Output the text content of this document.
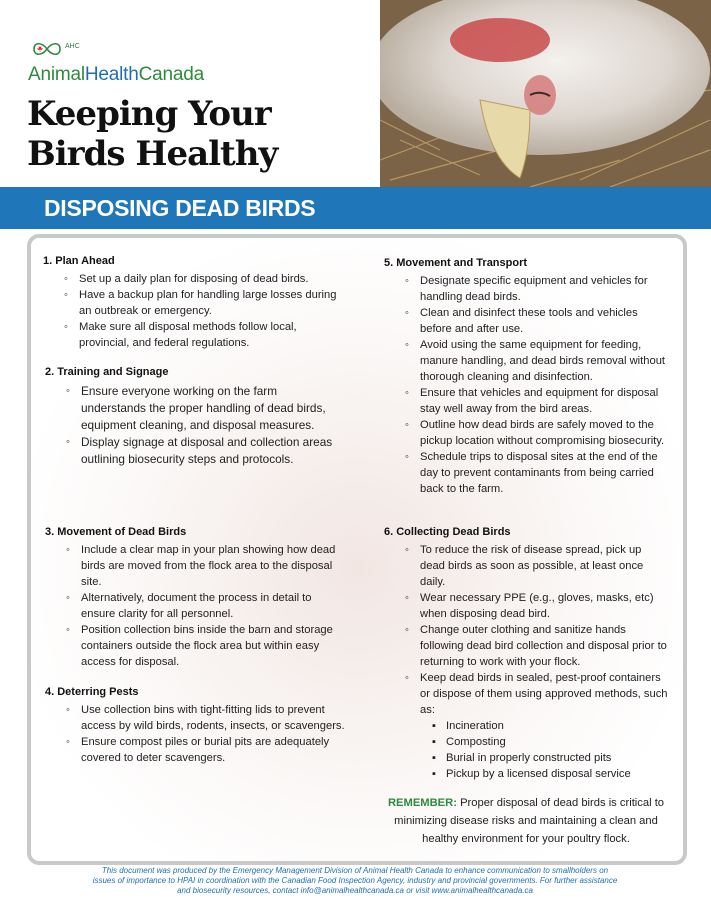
AHC
AnimalHealthCanada
Keeping Your
Birds Healthy
DISPOSING DEAD BIRDS
1. Plan Ahead
◦ Set up a daily plan for disposing of dead birds.
◦ Have a backup plan for handling large losses during an outbreak or emergency.
◦ Make sure all disposal methods follow local, provincial, and federal regulations.
2. Training and Signage
◦ Ensure everyone working on the farm understands the proper handling of dead birds, equipment cleaning, and disposal measures.
◦ Display signage at disposal and collection areas outlining biosecurity steps and protocols.
3. Movement of Dead Birds
◦ Include a clear map in your plan showing how dead birds are moved from the flock area to the disposal site.
◦ Alternatively, document the process in detail to ensure clarity for all personnel.
◦ Position collection bins inside the barn and storage containers outside the flock area but within easy access for disposal.
4. Deterring Pests
◦ Use collection bins with tight-fitting lids to prevent access by wild birds, rodents, insects, or scavengers.
◦ Ensure compost piles or burial pits are adequately covered to deter scavengers.
5. Movement and Transport
◦ Designate specific equipment and vehicles for handling dead birds.
◦ Clean and disinfect these tools and vehicles before and after use.
◦ Avoid using the same equipment for feeding, manure handling, and dead birds removal without thorough cleaning and disinfection.
◦ Ensure that vehicles and equipment for disposal stay well away from the bird areas.
◦ Outline how dead birds are safely moved to the pickup location without compromising biosecurity.
◦ Schedule trips to disposal sites at the end of the day to prevent contaminants from being carried back to the farm.
6. Collecting Dead Birds
◦ To reduce the risk of disease spread, pick up dead birds as soon as possible, at least once daily.
◦ Wear necessary PPE (e.g., gloves, masks, etc) when disposing dead bird.
◦ Change outer clothing and sanitize hands following dead bird collection and disposal prior to returning to work with your flock.
◦ Keep dead birds in sealed, pest-proof containers or dispose of them using approved methods, such as:
▪ Incineration
▪ Composting
▪ Burial in properly constructed pits
▪ Pickup by a licensed disposal service
REMEMBER: Proper disposal of dead birds is critical to minimizing disease risks and maintaining a clean and healthy environment for your poultry flock.
This document was produced by the Emergency Management Division of Animal Health Canada to enhance communication to smallholders on issues of importance to HPAI in coordination with the Canadian Food Inspection Agency, industry and provincial governments. For further assistance and biosecurity resources, contact info@animalhealthcanada.ca or visit www.animalhealthcanada.ca
